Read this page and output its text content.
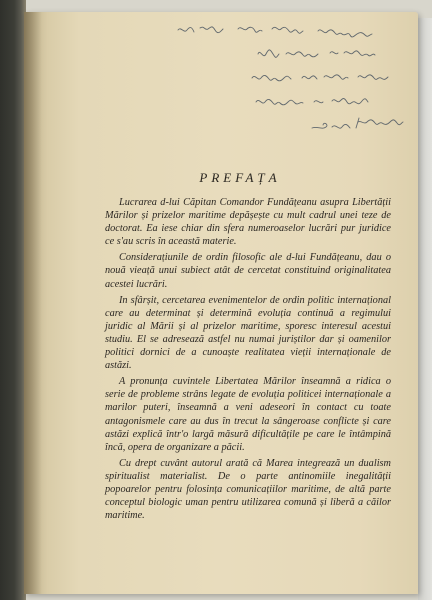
PREFAȚA

Lucrarea d-lui Căpitan Comandor Fundățeanu asupra Libertății Mărilor și prizelor maritime depășește cu mult cadrul unei teze de doctorat. Ea iese chiar din sfera numeroaselor lucrări pur juridice ce s'au scris în această materie.

Considerațiunile de ordin filosofic ale d-lui Fundățeanu, dau o nouă vieață unui subiect atât de cercetat constituind originalitatea acestei lucrări.

In sfârșit, cercetarea evenimentelor de ordin politic internațional care au determinat și determină evoluția continuă a regimului juridic al Mării și al prizelor maritime, sporesc interesul acestui studiu. El se adresează astfel nu numai juriștilor dar și oamenilor politici dornici de a cunoaște realitatea vieții internaționale de astăzi.

A pronunța cuvintele Libertatea Mărilor înseamnă a ridica o serie de probleme strâns legate de evoluția politicei internaționale a marilor puteri, înseamnă a veni adeseori în contact cu toate antagonismele care au dus în trecut la sângeroase conflicte și care astăzi explică într'o largă măsură dificultățile pe care le întâmpină încă, opera de organizare a păcii.

Cu drept cuvânt autorul arată că Marea integrează un dualism spiritualist materialist. De o parte antinomiile inegalității popoarelor pentru folosința comunicațiilor maritime, de altă parte conceptul biologic uman pentru utilizarea comună și liberă a căilor maritime.
